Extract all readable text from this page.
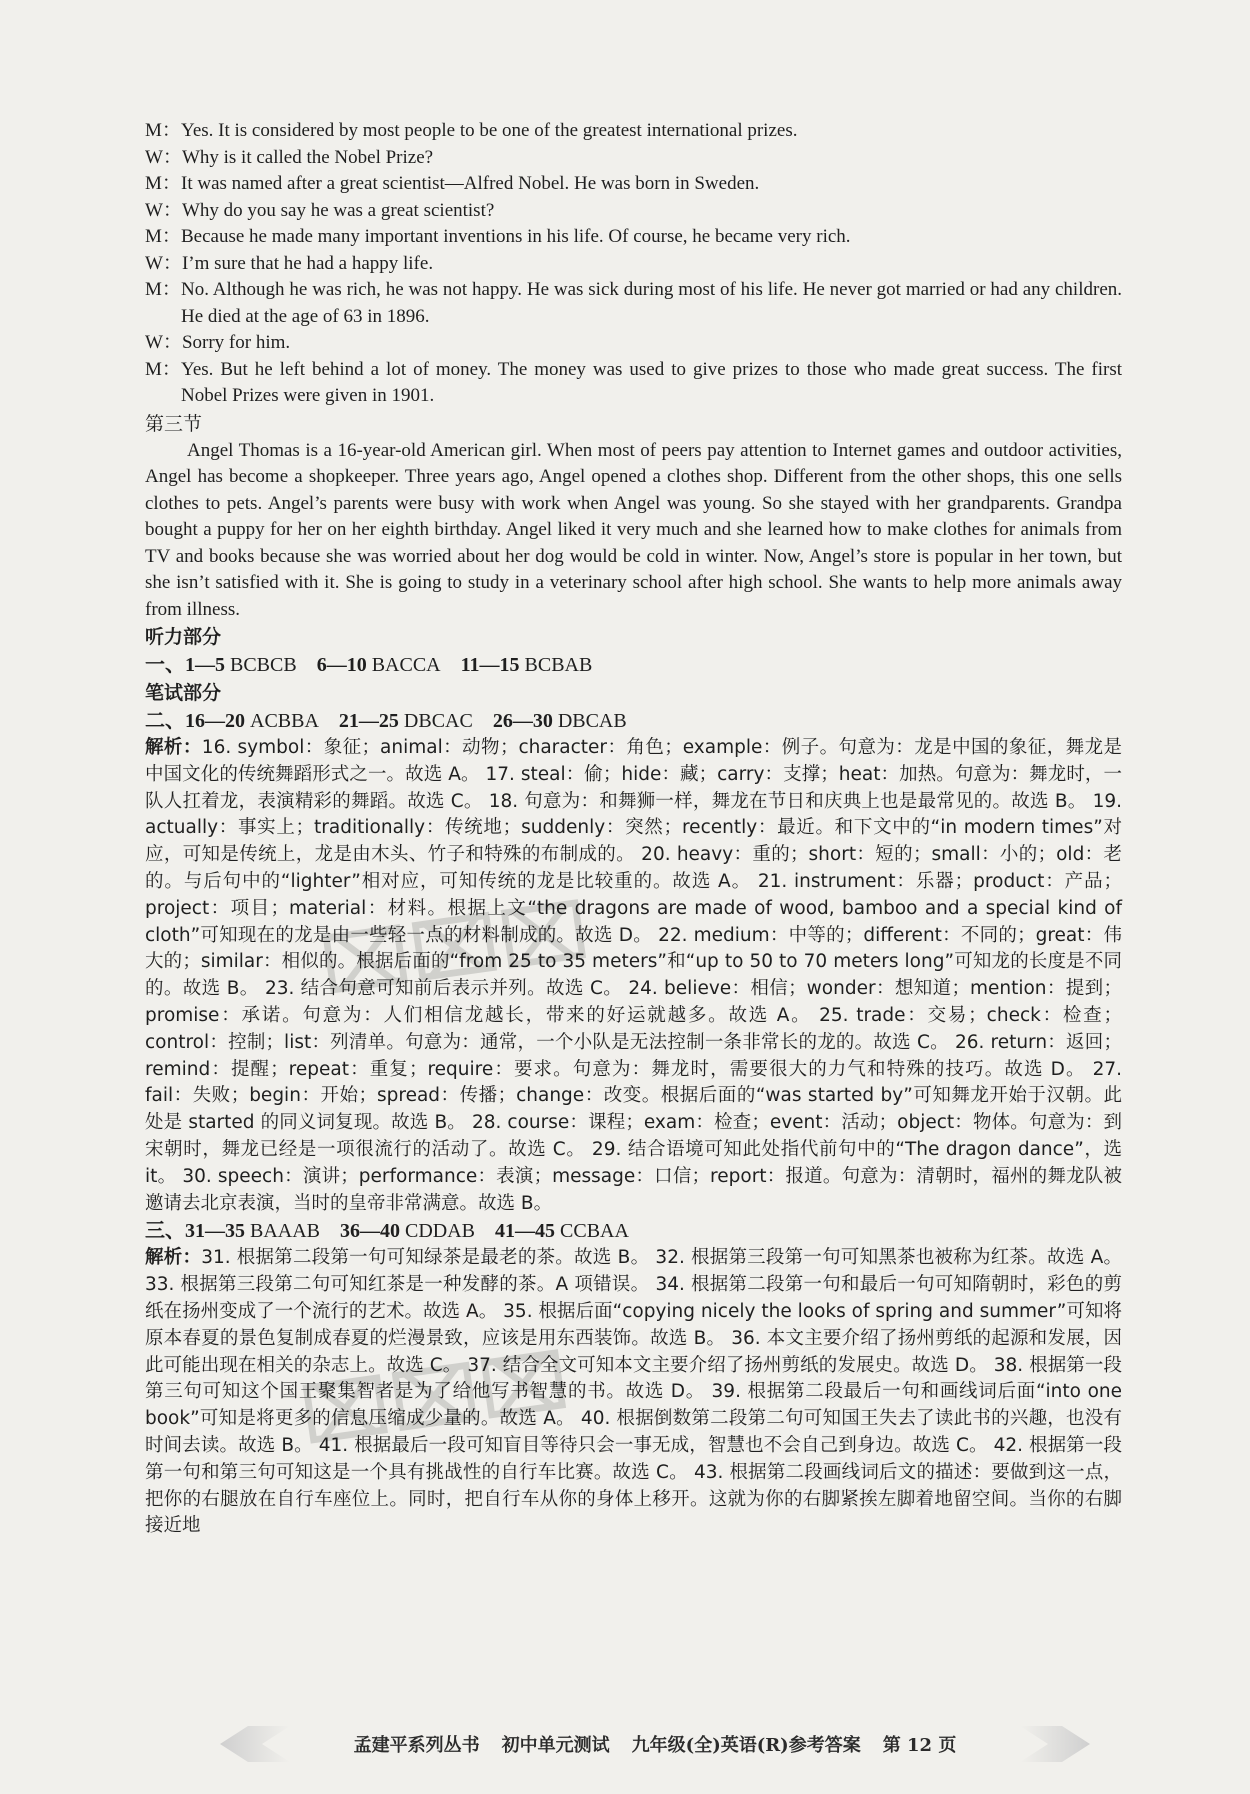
M： Yes. It is considered by most people to be one of the greatest international prizes.
W： Why is it called the Nobel Prize?
M： It was named after a great scientist—Alfred Nobel. He was born in Sweden.
W： Why do you say he was a great scientist?
M： Because he made many important inventions in his life. Of course, he became very rich.
W： I’m sure that he had a happy life.
M： No. Although he was rich, he was not happy. He was sick during most of his life. He never got married or had any children. He died at the age of 63 in 1896.
W： Sorry for him.
M： Yes. But he left behind a lot of money. The money was used to give prizes to those who made great success. The first Nobel Prizes were given in 1901.
第三节
Angel Thomas is a 16-year-old American girl. When most of peers pay attention to Internet games and outdoor activities, Angel has become a shopkeeper. Three years ago, Angel opened a clothes shop. Different from the other shops, this one sells clothes to pets. Angel’s parents were busy with work when Angel was young. So she stayed with her grandparents. Grandpa bought a puppy for her on her eighth birthday. Angel liked it very much and she learned how to make clothes for animals from TV and books because she was worried about her dog would be cold in winter. Now, Angel’s store is popular in her town, but she isn’t satisfied with it. She is going to study in a veterinary school after high school. She wants to help more animals away from illness.
听力部分
一、1—5 BCBCB 6—10 BACCA 11—15 BCBAB
笔试部分
二、16—20 ACBBA 21—25 DBCAC 26—30 DBCAB
解析：16. symbol：象征；animal：动物；character：角色；example：例子。句意为：龙是中国的象征，舞龙是中国文化的传统舞蹈形式之一。故选 A。 17. steal：偷；hide：藏；carry：支撑；heat：加热。句意为：舞龙时，一队人扛着龙，表演精彩的舞蹈。故选 C。 18. 句意为：和舞狮一样，舞龙在节日和庆典上也是最常见的。故选 B。 19. actually：事实上；traditionally：传统地；suddenly：突然；recently：最近。和下文中的“in modern times”对应，可知是传统上，龙是由木头、竹子和特殊的布制成的。 20. heavy：重的；short：短的；small：小的；old：老的。与后句中的“lighter”相对应，可知传统的龙是比较重的。故选 A。 21. instrument：乐器；product：产品；project：项目；material：材料。根据上文“the dragons are made of wood, bamboo and a special kind of cloth”可知现在的龙是由一些轻一点的材料制成的。故选 D。 22. medium：中等的；different：不同的；great：伟大的；similar：相似的。根据后面的“from 25 to 35 meters”和“up to 50 to 70 meters long”可知龙的长度是不同的。故选 B。 23. 结合句意可知前后表示并列。故选 C。 24. believe：相信；wonder：想知道；mention：提到；promise：承诺。句意为：人们相信龙越长，带来的好运就越多。故选 A。 25. trade：交易；check：检查；control：控制；list：列清单。句意为：通常，一个小队是无法控制一条非常长的龙的。故选 C。 26. return：返回；remind：提醒；repeat：重复；require：要求。句意为：舞龙时，需要很大的力气和特殊的技巧。故选 D。 27. fail：失败；begin：开始；spread：传播；change：改变。根据后面的“was started by”可知舞龙开始于汉朝。此处是 started 的同义词复现。故选 B。 28. course：课程；exam：检查；event：活动；object：物体。句意为：到宋朝时，舞龙已经是一项很流行的活动了。故选 C。 29. 结合语境可知此处指代前句中的“The dragon dance”，选 it。 30. speech：演讲；performance：表演；message：口信；report：报道。句意为：清朝时，福州的舞龙队被邀请去北京表演，当时的皇帝非常满意。故选 B。
三、31—35 BAAAB 36—40 CDDAB 41—45 CCBAA
解析：31. 根据第二段第一句可知绿茶是最老的茶。故选 B。 32. 根据第三段第一句可知黑茶也被称为红茶。故选 A。 33. 根据第三段第二句可知红茶是一种发酵的茶。A 项错误。 34. 根据第二段第一句和最后一句可知隋朝时，彩色的剪纸在扬州变成了一个流行的艺术。故选 A。 35. 根据后面“copying nicely the looks of spring and summer”可知将原本春夏的景色复制成春夏的烂漫景致，应该是用东西装饰。故选 B。 36. 本文主要介绍了扬州剪纸的起源和发展，因此可能出现在相关的杂志上。故选 C。 37. 结合全文可知本文主要介绍了扬州剪纸的发展史。故选 D。 38. 根据第一段第三句可知这个国王聚集智者是为了给他写书智慧的书。故选 D。 39. 根据第二段最后一句和画线词后面“into one book”可知是将更多的信息压缩成少量的。故选 A。 40. 根据倒数第二段第二句可知国王失去了读此书的兴趣，也没有时间去读。故选 B。 41. 根据最后一段可知盲目等待只会一事无成，智慧也不会自己到身边。故选 C。 42. 根据第一段第一句和第三句可知这是一个具有挑战性的自行车比赛。故选 C。 43. 根据第二段画线词后文的描述：要做到这一点，把你的右腿放在自行车座位上。同时，把自行车从你的身体上移开。这就为你的右脚紧挨左脚着地留空间。当你的右脚接近地
⌧⌧⌧
⌧⌧⌧
孟建平系列丛书 初中单元测试 九年级(全)英语(R)参考答案 第 12 页
